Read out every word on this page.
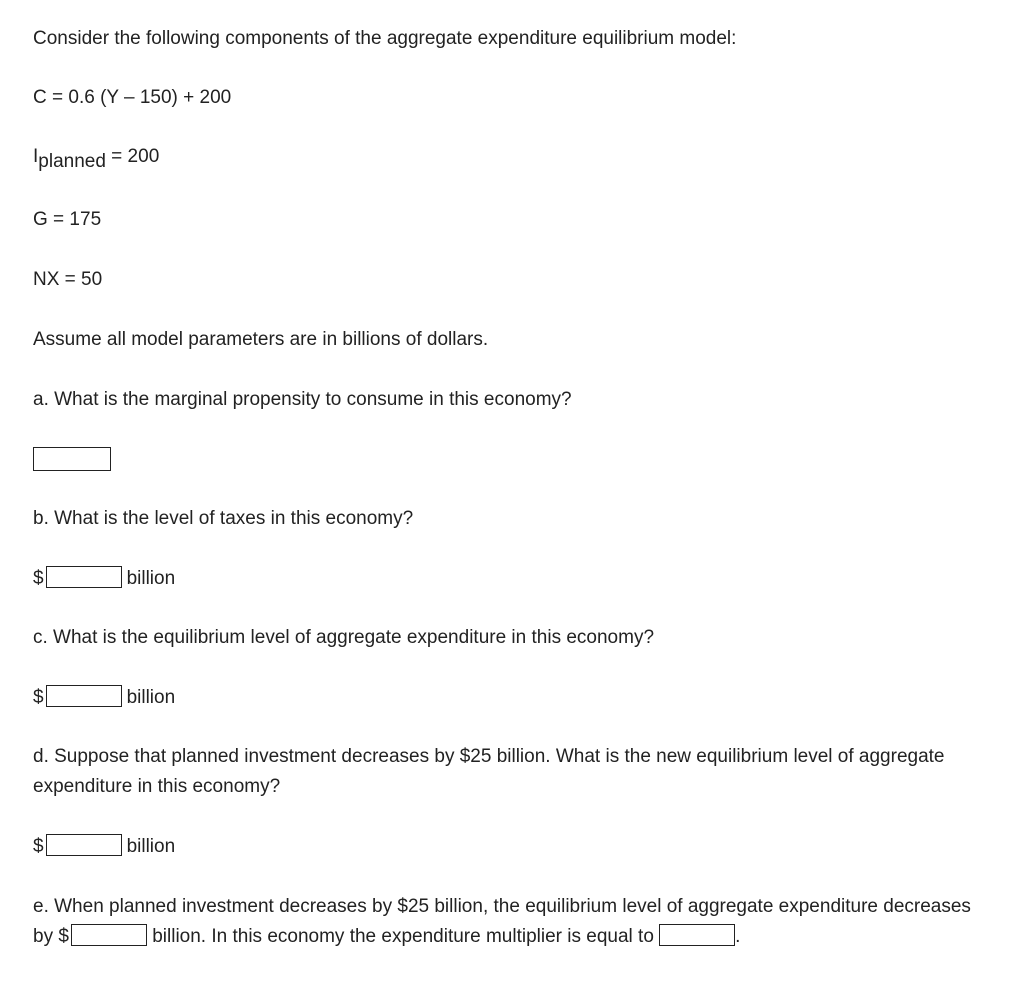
Consider the following components of the aggregate expenditure equilibrium model:
C = 0.6 (Y – 150) + 200
Iplanned = 200
G = 175
NX = 50
Assume all model parameters are in billions of dollars.
a. What is the marginal propensity to consume in this economy?
b. What is the level of taxes in this economy?
$	billion
c. What is the equilibrium level of aggregate expenditure in this economy?
$	billion
d. Suppose that planned investment decreases by $25 billion. What is the new equilibrium level of aggregate expenditure in this economy?
$	billion
e. When planned investment decreases by $25 billion, the equilibrium level of aggregate expenditure decreases by $	billion. In this economy the expenditure multiplier is equal to	.
